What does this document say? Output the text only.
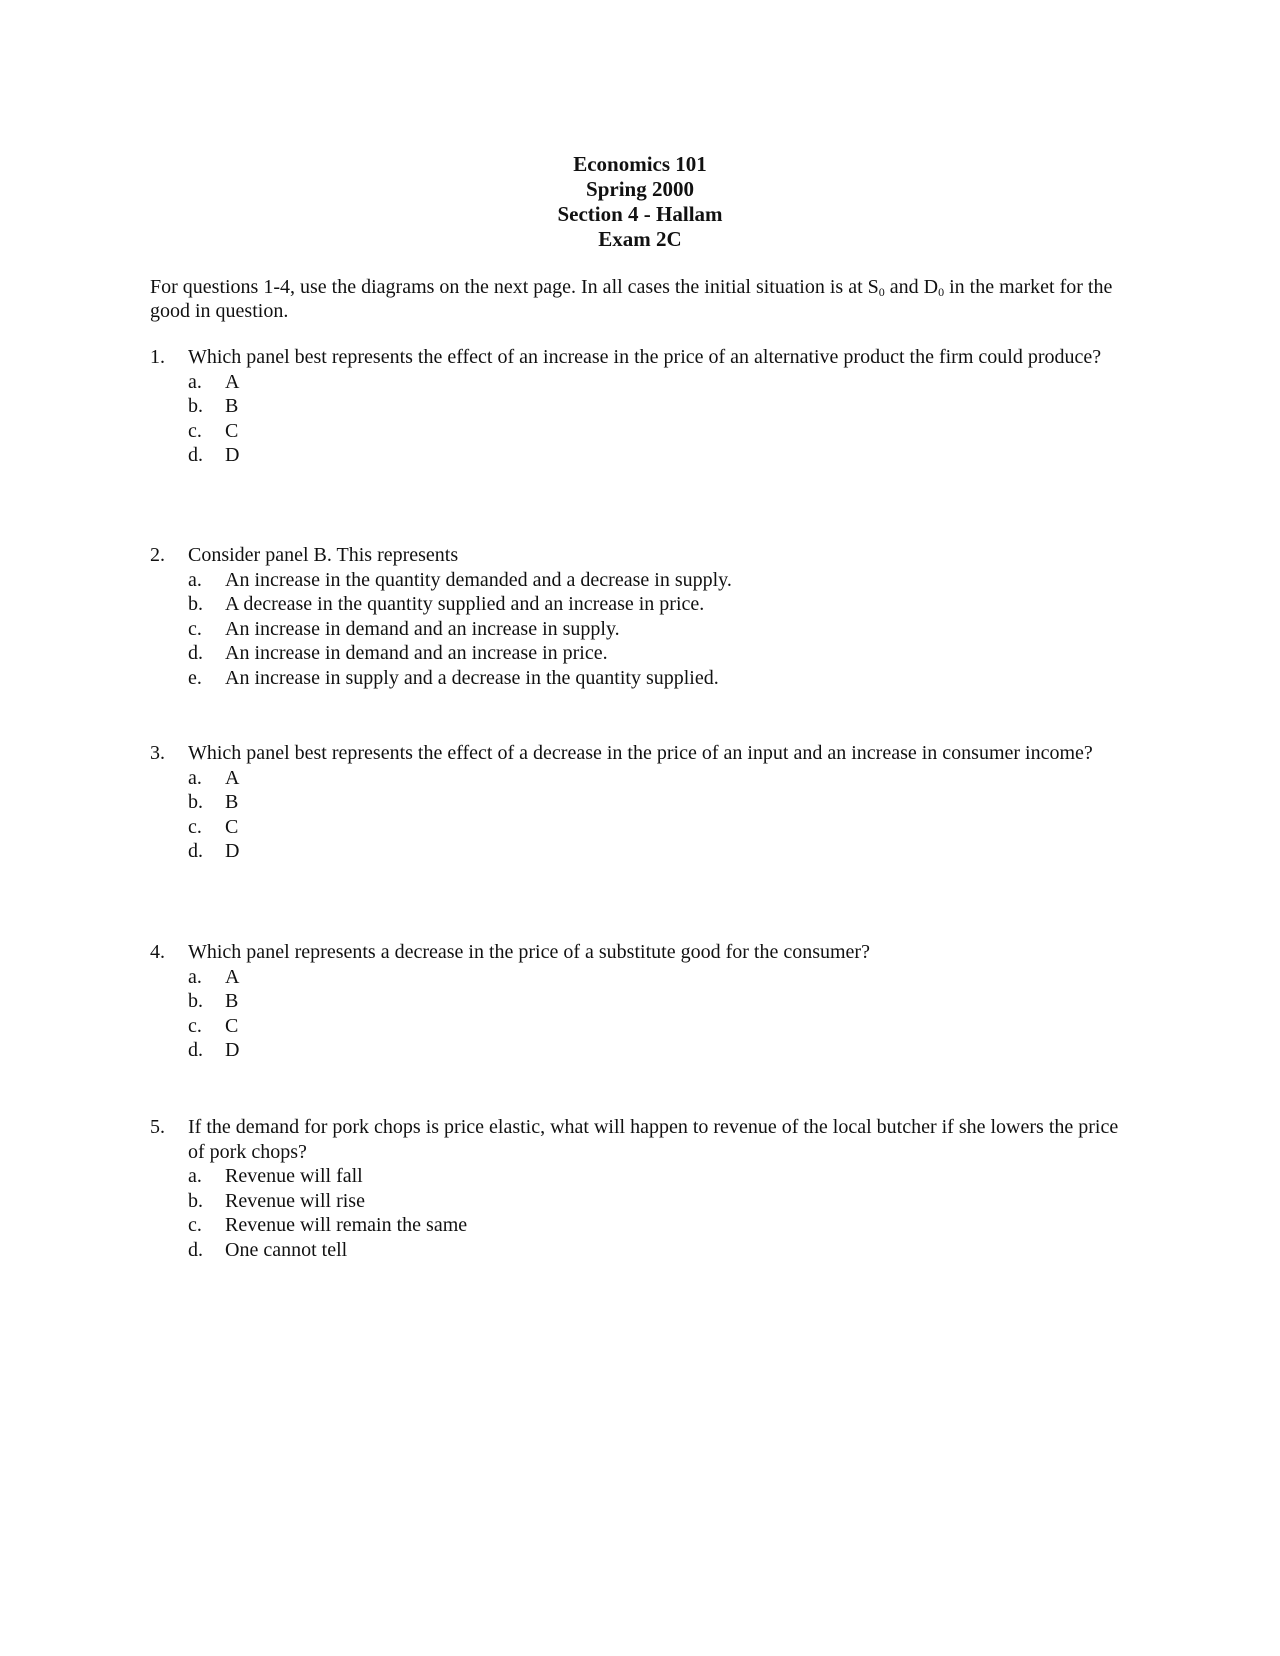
Economics 101
Spring 2000
Section 4 - Hallam
Exam 2C
For questions 1-4, use the diagrams on the next page. In all cases the initial situation is at $S_0$ and $D_0$ in the market for the good in question.
1.	Which panel best represents the effect of an increase in the price of an alternative product the firm could produce?
a. A
b. B
c. C
d. D
2.	Consider panel B. This represents
a. An increase in the quantity demanded and a decrease in supply.
b. A decrease in the quantity supplied and an increase in price.
c. An increase in demand and an increase in supply.
d. An increase in demand and an increase in price.
e. An increase in supply and a decrease in the quantity supplied.
3.	Which panel best represents the effect of a decrease in the price of an input and an increase in consumer income?
a. A
b. B
c. C
d. D
4.	Which panel represents a decrease in the price of a substitute good for the consumer?
a. A
b. B
c. C
d. D
5.	If the demand for pork chops is price elastic, what will happen to revenue of the local butcher if she lowers the price of pork chops?
a. Revenue will fall
b. Revenue will rise
c. Revenue will remain the same
d. One cannot tell
